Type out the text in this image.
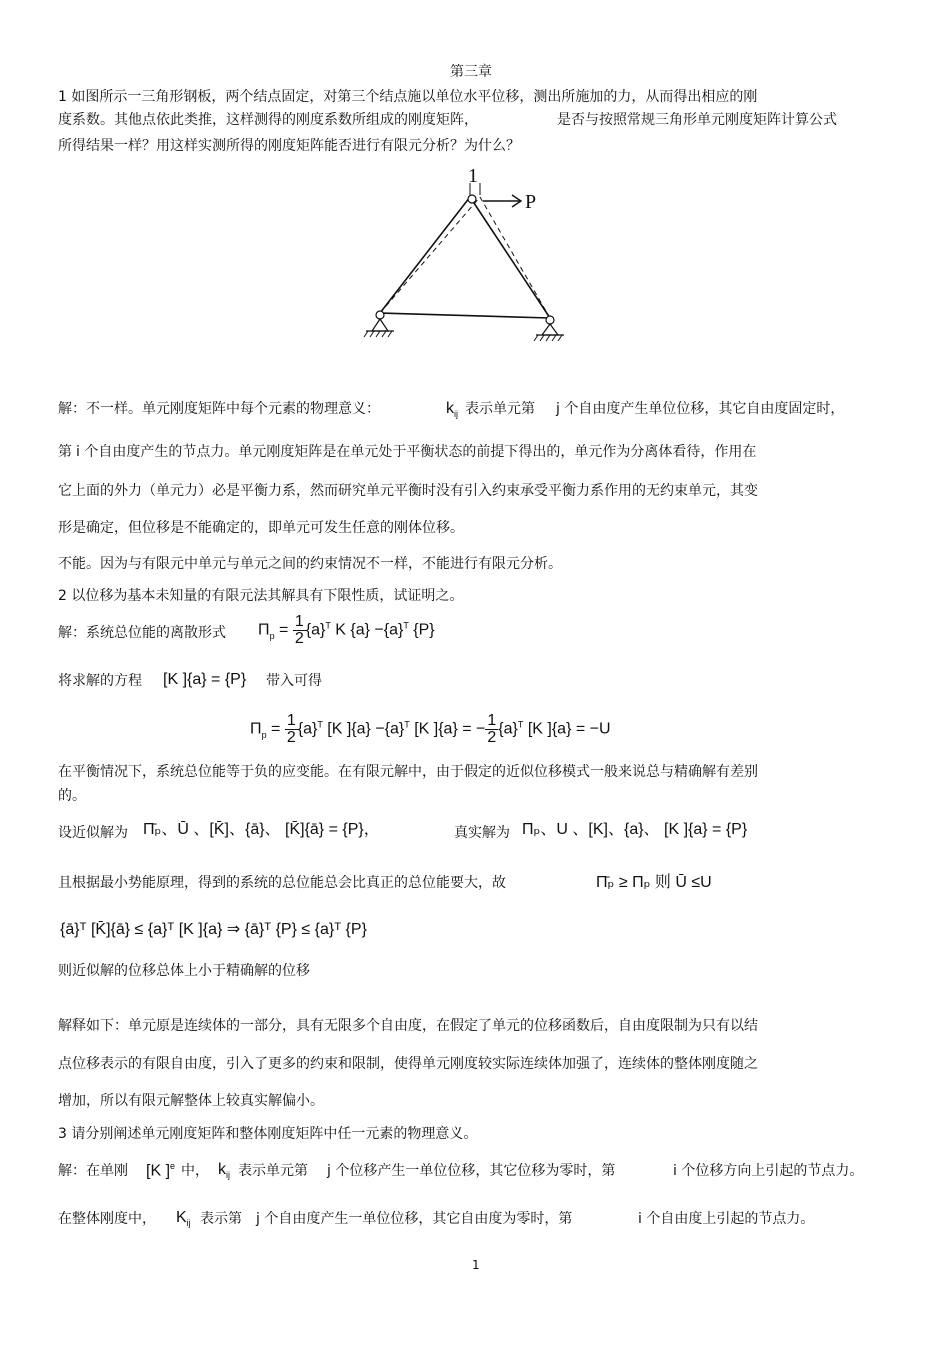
第三章
1 如图所示一三角形钢板，两个结点固定，对第三个结点施以单位水平位移，测出所施加的力，从而得出相应的刚
度系数。其他点依此类推，这样测得的刚度系数所组成的刚度矩阵，	是否与按照常规三角形单元刚度矩阵计算公式
所得结果一样？用这样实测所得的刚度矩阵能否进行有限元分析？为什么？
1
P
解：不一样。单元刚度矩阵中每个元素的物理意义：	$k_{ij}$ 表示单元第 j 个自由度产生单位位移，其它自由度固定时，
第 i 个自由度产生的节点力。单元刚度矩阵是在单元处于平衡状态的前提下得出的，单元作为分离体看待，作用在
它上面的外力（单元力）必是平衡力系，然而研究单元平衡时没有引入约束承受平衡力系作用的无约束单元，其变
形是确定，但位移是不能确定的，即单元可发生任意的刚体位移。
不能。因为与有限元中单元与单元之间的约束情况不一样，不能进行有限元分析。
2 以位移为基本未知量的有限元法其解具有下限性质，试证明之。
解：系统总位能的离散形式 $\Pi_p = \frac{1}{2} \{a\}^T$ K $\{a\} -\{a\}^T$ {P}
将求解的方程 [K ]{a} = {P} 带入可得
$\Pi_p = \frac{1}{2} \{a\}^T$ [K ]$\{a\} -\{a\}^T$ [K ]{a} = − $\frac{1}{2} \{a\}^T$ [K ]{a} = −U
在平衡情况下，系统总位能等于负的应变能。在有限元解中，由于假定的近似位移模式一般来说总与精确解有差别
的。
设近似解为 Π̄ₚ、Ū 、[K̄]、{ā}、 [K̄]{ā} = {P}，	真实解为 Πₚ、U 、[K]、{a}、 [K ]{a} = {P}
且根据最小势能原理，得到的系统的总位能总会比真正的总位能要大，故	Π̄ₚ ≥ Πₚ 则 Ū ≤U
{ā}ᵀ [K̄]{ā} ≤ {a}ᵀ [K ]{a} ⇒ {ā}ᵀ {P} ≤ {a}ᵀ {P}
则近似解的位移总体上小于精确解的位移
解释如下：单元原是连续体的一部分，具有无限多个自由度，在假定了单元的位移函数后，自由度限制为只有以结
点位移表示的有限自由度，引入了更多的约束和限制，使得单元刚度较实际连续体加强了，连续体的整体刚度随之
增加，所以有限元解整体上较真实解偏小。
3 请分别阐述单元刚度矩阵和整体刚度矩阵中任一元素的物理意义。
解：在单刚 [K ]$^e$ 中， $k_{ij}$ 表示单元第 j 个位移产生一单位位移，其它位移为零时，第	i 个位移方向上引起的节点力。
在整体刚度中， $K_{ij}$ 表示第 j 个自由度产生一单位位移，其它自由度为零时，第	i 个自由度上引起的节点力。
1
